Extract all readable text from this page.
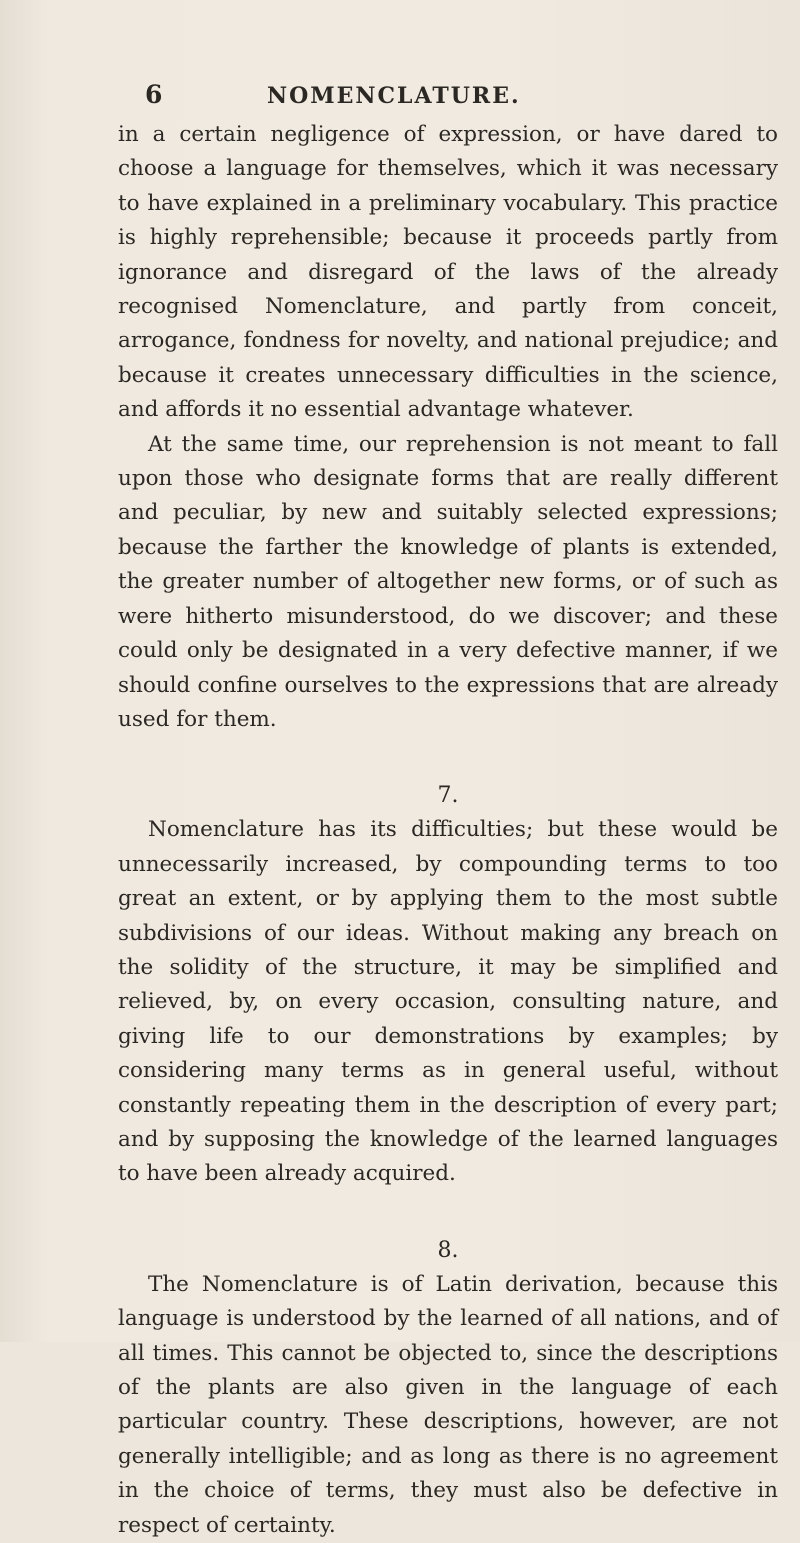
6	NOMENCLATURE.

in a certain negligence of expression, or have dared to choose a language for themselves, which it was necessary to have explained in a preliminary vocabulary. This practice is highly reprehensible; because it proceeds partly from ignorance and disregard of the laws of the already recognised Nomenclature, and partly from conceit, arrogance, fondness for novelty, and national prejudice; and because it creates unnecessary difficulties in the science, and affords it no essential advantage whatever.

At the same time, our reprehension is not meant to fall upon those who designate forms that are really different and peculiar, by new and suitably selected expressions; because the farther the knowledge of plants is extended, the greater number of altogether new forms, or of such as were hitherto misunderstood, do we discover; and these could only be designated in a very defective manner, if we should confine ourselves to the expressions that are already used for them.

7.

Nomenclature has its difficulties; but these would be unnecessarily increased, by compounding terms to too great an extent, or by applying them to the most subtle subdivisions of our ideas. Without making any breach on the solidity of the structure, it may be simplified and relieved, by, on every occasion, consulting nature, and giving life to our demonstrations by examples; by considering many terms as in general useful, without constantly repeating them in the description of every part; and by supposing the knowledge of the learned languages to have been already acquired.

8.

The Nomenclature is of Latin derivation, because this language is understood by the learned of all nations, and of all times. This cannot be objected to, since the descriptions of the plants are also given in the language of each particular country. These descriptions, however, are not generally intelligible; and as long as there is no agreement in the choice of terms, they must also be defective in respect of certainty.
